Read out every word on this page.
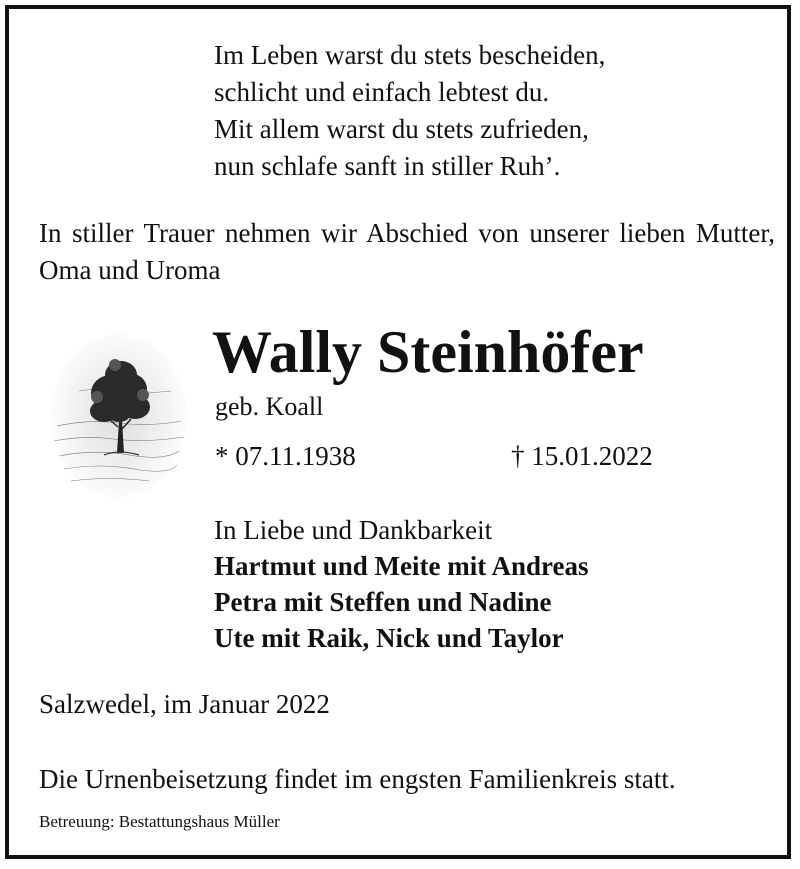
Im Leben warst du stets bescheiden,
schlicht und einfach lebtest du.
Mit allem warst du stets zufrieden,
nun schlafe sanft in stiller Ruh’.
In stiller Trauer nehmen wir Abschied von unserer lieben Mutter, Oma und Uroma
Wally Steinhöfer
geb. Koall
* 07.11.1938	† 15.01.2022
In Liebe und Dankbarkeit
Hartmut und Meite mit Andreas
Petra mit Steffen und Nadine
Ute mit Raik, Nick und Taylor
Salzwedel, im Januar 2022
Die Urnenbeisetzung findet im engsten Familienkreis statt.
Betreuung: Bestattungshaus Müller
